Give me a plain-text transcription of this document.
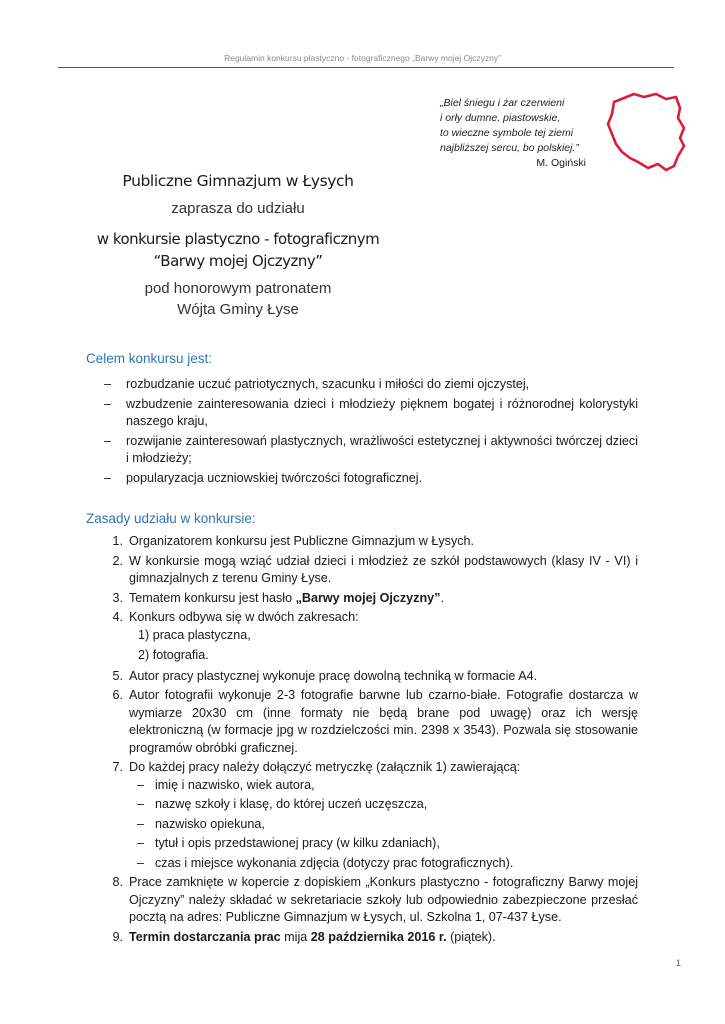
Regulamin konkursu plastyczno - fotograficznego „Barwy mojej Ojczyzny”
„Biel śniegu i żar czerwieni
i orły dumne, piastowskie,
to wieczne symbole tej ziemi
najbliższej sercu, bo polskiej.”
M. Ogiński
Publiczne Gimnazjum w Łysych
zaprasza do udziału
w konkursie plastyczno - fotograficznym
“Barwy mojej Ojczyzny”
pod honorowym patronatem
Wójta Gminy Łyse
Celem konkursu jest:
– rozbudzanie uczuć patriotycznych, szacunku i miłości do ziemi ojczystej,
– wzbudzenie zainteresowania dzieci i młodzieży pięknem bogatej i różnorodnej kolorystyki naszego kraju,
– rozwijanie zainteresowań plastycznych, wrażliwości estetycznej i aktywności twórczej dzieci i młodzieży;
– popularyzacja uczniowskiej twórczości fotograficznej.
Zasady udziału w konkursie:
1. Organizatorem konkursu jest Publiczne Gimnazjum w Łysych.
2. W konkursie mogą wziąć udział dzieci i młodzież ze szkół podstawowych (klasy IV - VI) i gimnazjalnych z terenu Gminy Łyse.
3. Tematem konkursu jest hasło „Barwy mojej Ojczyzny”.
4. Konkurs odbywa się w dwóch zakresach:
1) praca plastyczna,
2) fotografia.
5. Autor pracy plastycznej wykonuje pracę dowolną techniką w formacie A4.
6. Autor fotografii wykonuje 2-3 fotografie barwne lub czarno-białe. Fotografie dostarcza w wymiarze 20x30 cm (inne formaty nie będą brane pod uwagę) oraz ich wersję elektroniczną (w formacje jpg w rozdzielczości min. 2398 x 3543). Pozwala się stosowanie programów obróbki graficznej.
7. Do każdej pracy należy dołączyć metryczkę (załącznik 1) zawierającą:
– imię i nazwisko, wiek autora,
– nazwę szkoły i klasę, do której uczeń uczęszcza,
– nazwisko opiekuna,
– tytuł i opis przedstawionej pracy (w kilku zdaniach),
– czas i miejsce wykonania zdjęcia (dotyczy prac fotograficznych).
8. Prace zamknięte w kopercie z dopiskiem „Konkurs plastyczno - fotograficzny Barwy mojej Ojczyzny” należy składać w sekretariacie szkoły lub odpowiednio zabezpieczone przesłać pocztą na adres: Publiczne Gimnazjum w Łysych, ul. Szkolna 1, 07-437 Łyse.
9. Termin dostarczania prac mija 28 października 2016 r. (piątek).
1
